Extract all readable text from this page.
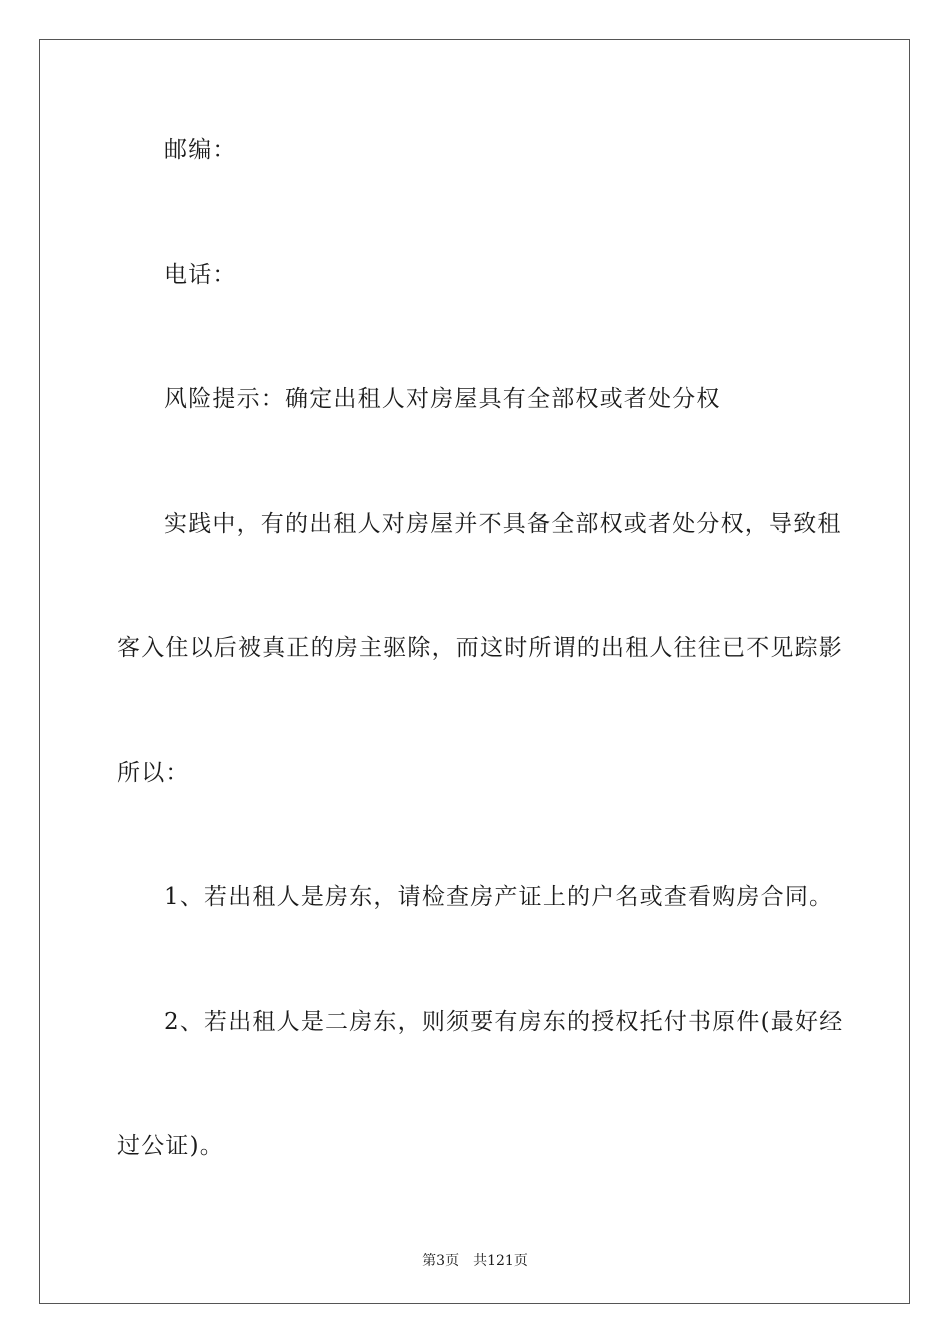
邮编：
电话：
风险提示：确定出租人对房屋具有全部权或者处分权
实践中，有的出租人对房屋并不具备全部权或者处分权，导致租
客入住以后被真正的房主驱除，而这时所谓的出租人往往已不见踪影
所以：
1、若出租人是房东，请检查房产证上的户名或查看购房合同。
2、若出租人是二房东，则须要有房东的授权托付书原件(最好经
过公证)。
第3页 共121页
